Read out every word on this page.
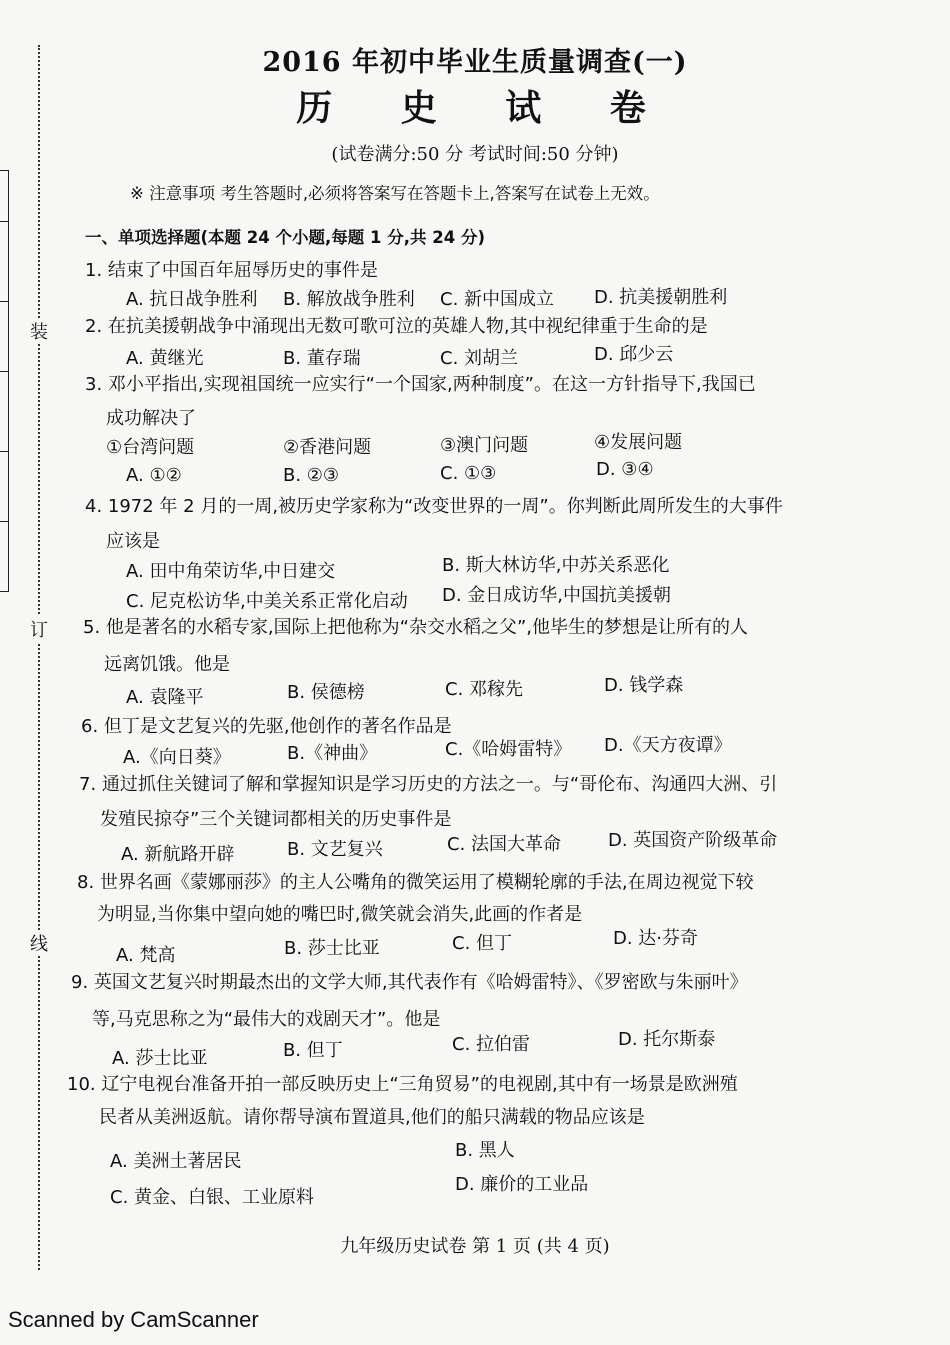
装
订
线
2016 年初中毕业生质量调查(一)
历 史 试 卷
(试卷满分:50 分 考试时间:50 分钟)
※ 注意事项 考生答题时,必须将答案写在答题卡上,答案写在试卷上无效。
一、单项选择题(本题 24 个小题,每题 1 分,共 24 分)
1. 结束了中国百年屈辱历史的事件是
A. 抗日战争胜利 B. 解放战争胜利 C. 新中国成立 D. 抗美援朝胜利
2. 在抗美援朝战争中涌现出无数可歌可泣的英雄人物,其中视纪律重于生命的是
A. 黄继光	B. 董存瑞	C. 刘胡兰	D. 邱少云
3. 邓小平指出,实现祖国统一应实行“一个国家,两种制度”。在这一方针指导下,我国已
成功解决了
①台湾问题	②香港问题	③澳门问题	④发展问题
A. ①②	B. ②③	C. ①③	D. ③④
4. 1972 年 2 月的一周,被历史学家称为“改变世界的一周”。你判断此周所发生的大事件
应该是
A. 田中角荣访华,中日建交	B. 斯大林访华,中苏关系恶化
C. 尼克松访华,中美关系正常化启动 D. 金日成访华,中国抗美援朝
5. 他是著名的水稻专家,国际上把他称为“杂交水稻之父”,他毕生的梦想是让所有的人
远离饥饿。他是
A. 袁隆平	B. 侯德榜	C. 邓稼先	D. 钱学森
6. 但丁是文艺复兴的先驱,他创作的著名作品是
A.《向日葵》	B.《神曲》	C.《哈姆雷特》 D.《天方夜谭》
7. 通过抓住关键词了解和掌握知识是学习历史的方法之一。与“哥伦布、沟通四大洲、引
发殖民掠夺”三个关键词都相关的历史事件是
A. 新航路开辟	B. 文艺复兴	C. 法国大革命	D. 英国资产阶级革命
8. 世界名画《蒙娜丽莎》的主人公嘴角的微笑运用了模糊轮廓的手法,在周边视觉下较
为明显,当你集中望向她的嘴巴时,微笑就会消失,此画的作者是
A. 梵高	B. 莎士比亚	C. 但丁	D. 达·芬奇
9. 英国文艺复兴时期最杰出的文学大师,其代表作有《哈姆雷特》、《罗密欧与朱丽叶》
等,马克思称之为“最伟大的戏剧天才”。他是
A. 莎士比亚	B. 但丁	C. 拉伯雷	D. 托尔斯泰
10. 辽宁电视台准备开拍一部反映历史上“三角贸易”的电视剧,其中有一场景是欧洲殖
民者从美洲返航。请你帮导演布置道具,他们的船只满载的物品应该是
A. 美洲土著居民
B. 黑人
C. 黄金、白银、工业原料
D. 廉价的工业品
九年级历史试卷 第 1 页 (共 4 页)
Scanned by CamScanner
